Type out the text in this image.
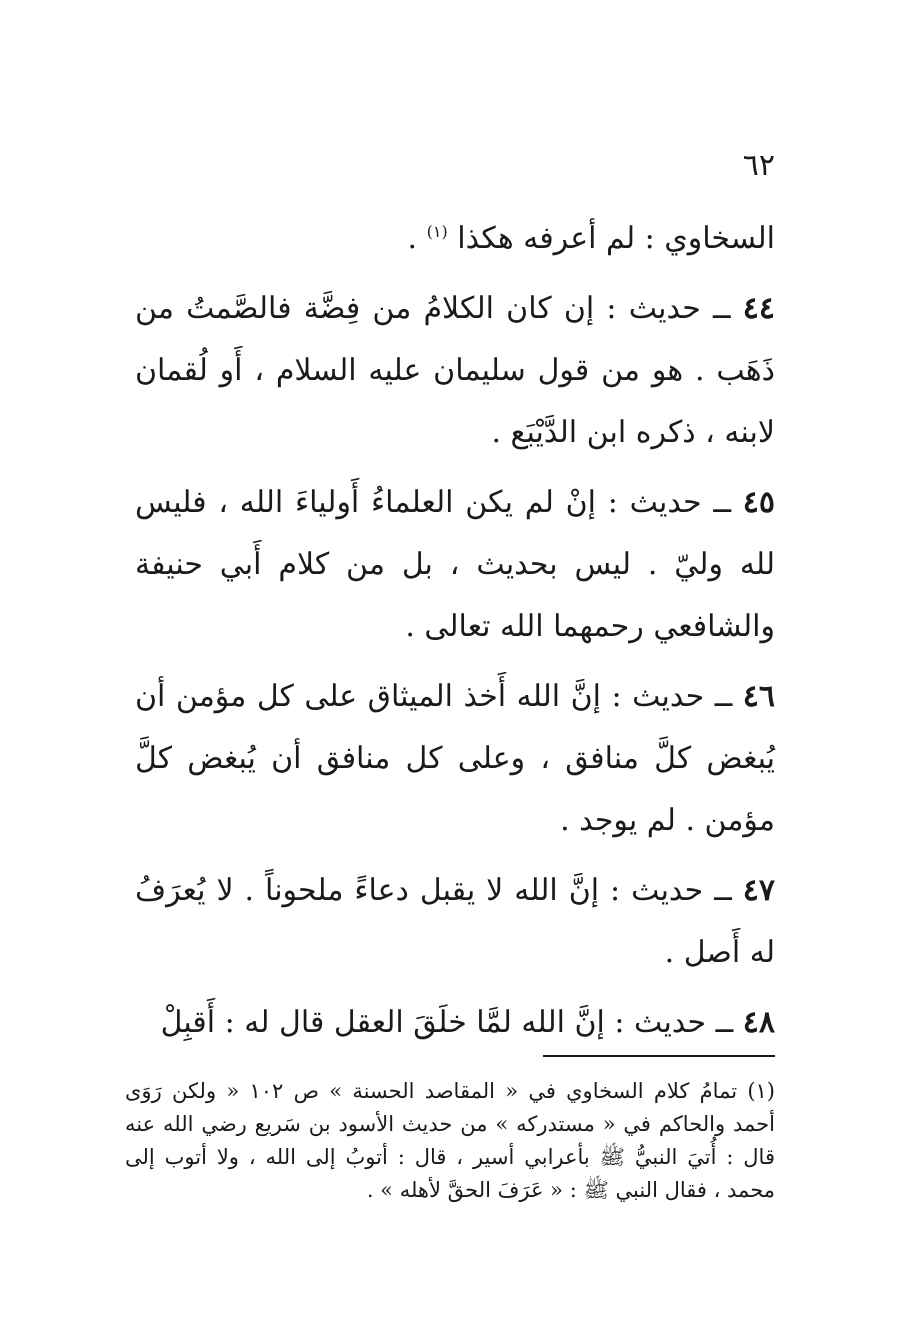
٦٢

السخاوي : لم أعرفه هكذا $^{(١)}$ .

٤٤ ــ حديث : إن كان الكلامُ من فِضَّة فالصَّمتُ من ذَهَب . هو من قول سليمان عليه السلام ، أَو لُقمان لابنه ، ذكره ابن الدَّيْبَع .

٤٥ ــ حديث : إنْ لم يكن العلماءُ أَولياءَ الله ، فليس لله وليّ . ليس بحديث ، بل من كلام أَبي حنيفة والشافعي رحمهما الله تعالى .

٤٦ ــ حديث : إنَّ الله أَخذ الميثاق على كل مؤمن أن يُبغض كلَّ منافق ، وعلى كل منافق أن يُبغض كلَّ مؤمن . لم يوجد .

٤٧ ــ حديث : إنَّ الله لا يقبل دعاءً ملحوناً . لا يُعرَفُ له أَصل .

٤٨ ــ حديث : إنَّ الله لمَّا خلَقَ العقل قال له : أَقبِلْ

(١) تمامُ كلام السخاوي في « المقاصد الحسنة » ص ١٠٢ « ولكن رَوَى أحمد والحاكم في « مستدركه » من حديث الأسود بن سَريع رضي الله عنه قال : أُتيَ النبيُّ ﷺ بأعرابي أسير ، قال : أتوبُ إلى الله ، ولا أتوب إلى محمد ، فقال النبي ﷺ : « عَرَفَ الحقَّ لأهله » .
